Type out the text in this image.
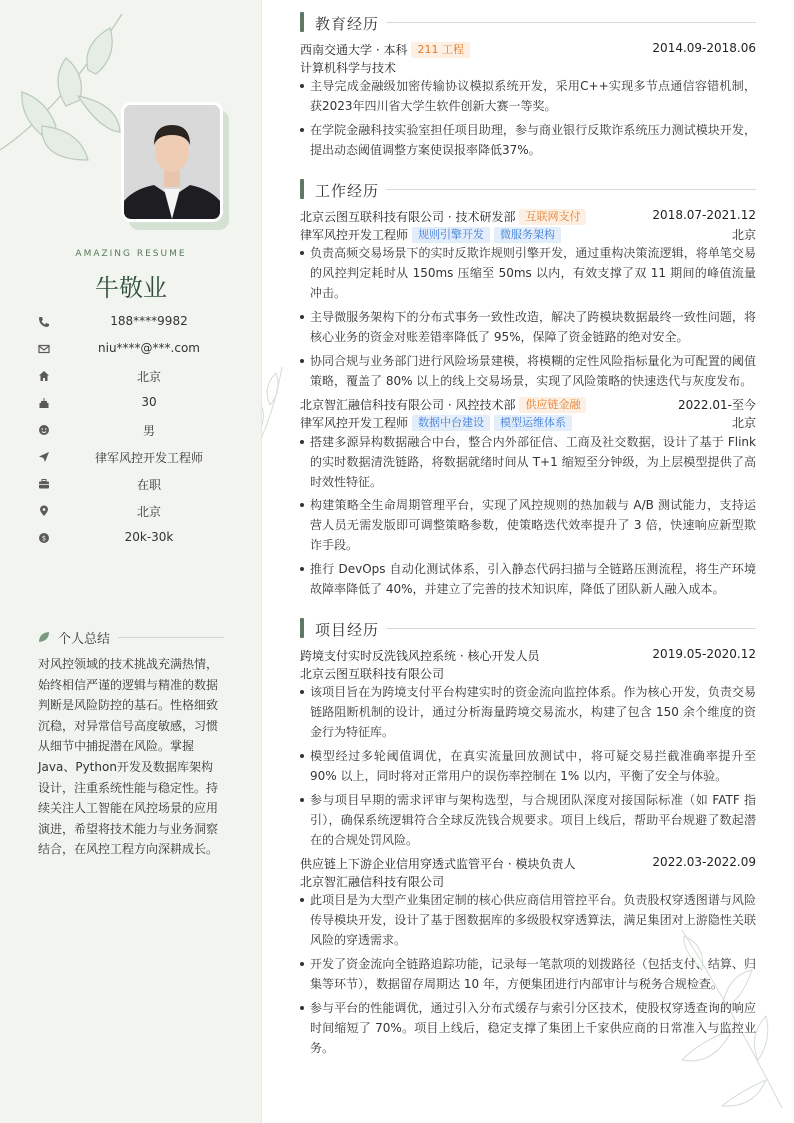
AMAZING RESUME
牛敬业
188****9982
niu****@***.com
北京
30
男
律军风控开发工程师
在职
北京
$	20k-30k
个人总结
对风控领域的技术挑战充满热情，始终相信严谨的逻辑与精准的数据判断是风险防控的基石。性格细致沉稳，对异常信号高度敏感，习惯从细节中捕捉潜在风险。掌握Java、Python开发及数据库架构设计，注重系统性能与稳定性。持续关注人工智能在风控场景的应用演进，希望将技术能力与业务洞察结合，在风控工程方向深耕成长。
教育经历
西南交通大学 · 本科 211 工程	2014.09-2018.06
计算机科学与技术
主导完成金融级加密传输协议模拟系统开发，采用C++实现多节点通信容错机制，获2023年四川省大学生软件创新大赛一等奖。
在学院金融科技实验室担任项目助理，参与商业银行反欺诈系统压力测试模块开发，提出动态阈值调整方案使误报率降低37%。
工作经历
北京云图互联科技有限公司 · 技术研发部 互联网支付	2018.07-2021.12
律军风控开发工程师 规则引擎开发 微服务架构	北京
负责高频交易场景下的实时反欺诈规则引擎开发，通过重构决策流逻辑，将单笔交易的风控判定耗时从 150ms 压缩至 50ms 以内，有效支撑了双 11 期间的峰值流量冲击。
主导微服务架构下的分布式事务一致性改造，解决了跨模块数据最终一致性问题，将核心业务的资金对账差错率降低了 95%，保障了资金链路的绝对安全。
协同合规与业务部门进行风险场景建模，将模糊的定性风险指标量化为可配置的阈值策略，覆盖了 80% 以上的线上交易场景，实现了风险策略的快速迭代与灰度发布。
北京智汇融信科技有限公司 · 风控技术部 供应链金融	2022.01-至今
律军风控开发工程师 数据中台建设 模型运维体系	北京
搭建多源异构数据融合中台，整合内外部征信、工商及社交数据，设计了基于 Flink 的实时数据清洗链路，将数据就绪时间从 T+1 缩短至分钟级，为上层模型提供了高时效性特征。
构建策略全生命周期管理平台，实现了风控规则的热加载与 A/B 测试能力，支持运营人员无需发版即可调整策略参数，使策略迭代效率提升了 3 倍，快速响应新型欺诈手段。
推行 DevOps 自动化测试体系，引入静态代码扫描与全链路压测流程，将生产环境故障率降低了 40%，并建立了完善的技术知识库，降低了团队新人融入成本。
项目经历
跨境支付实时反洗钱风控系统 · 核心开发人员	2019.05-2020.12
北京云图互联科技有限公司
该项目旨在为跨境支付平台构建实时的资金流向监控体系。作为核心开发，负责交易链路阻断机制的设计，通过分析海量跨境交易流水，构建了包含 150 余个维度的资金行为特征库。
模型经过多轮阈值调优，在真实流量回放测试中，将可疑交易拦截准确率提升至 90% 以上，同时将对正常用户的误伤率控制在 1% 以内，平衡了安全与体验。
参与项目早期的需求评审与架构选型，与合规团队深度对接国际标准（如 FATF 指引），确保系统逻辑符合全球反洗钱合规要求。项目上线后，帮助平台规避了数起潜在的合规处罚风险。
供应链上下游企业信用穿透式监管平台 · 模块负责人	2022.03-2022.09
北京智汇融信科技有限公司
此项目是为大型产业集团定制的核心供应商信用管控平台。负责股权穿透图谱与风险传导模块开发，设计了基于图数据库的多级股权穿透算法，满足集团对上游隐性关联风险的穿透需求。
开发了资金流向全链路追踪功能，记录每一笔款项的划拨路径（包括支付、结算、归集等环节），数据留存周期达 10 年，方便集团进行内部审计与税务合规检查。
参与平台的性能调优，通过引入分布式缓存与索引分区技术，使股权穿透查询的响应时间缩短了 70%。项目上线后，稳定支撑了集团上千家供应商的日常准入与监控业务。
